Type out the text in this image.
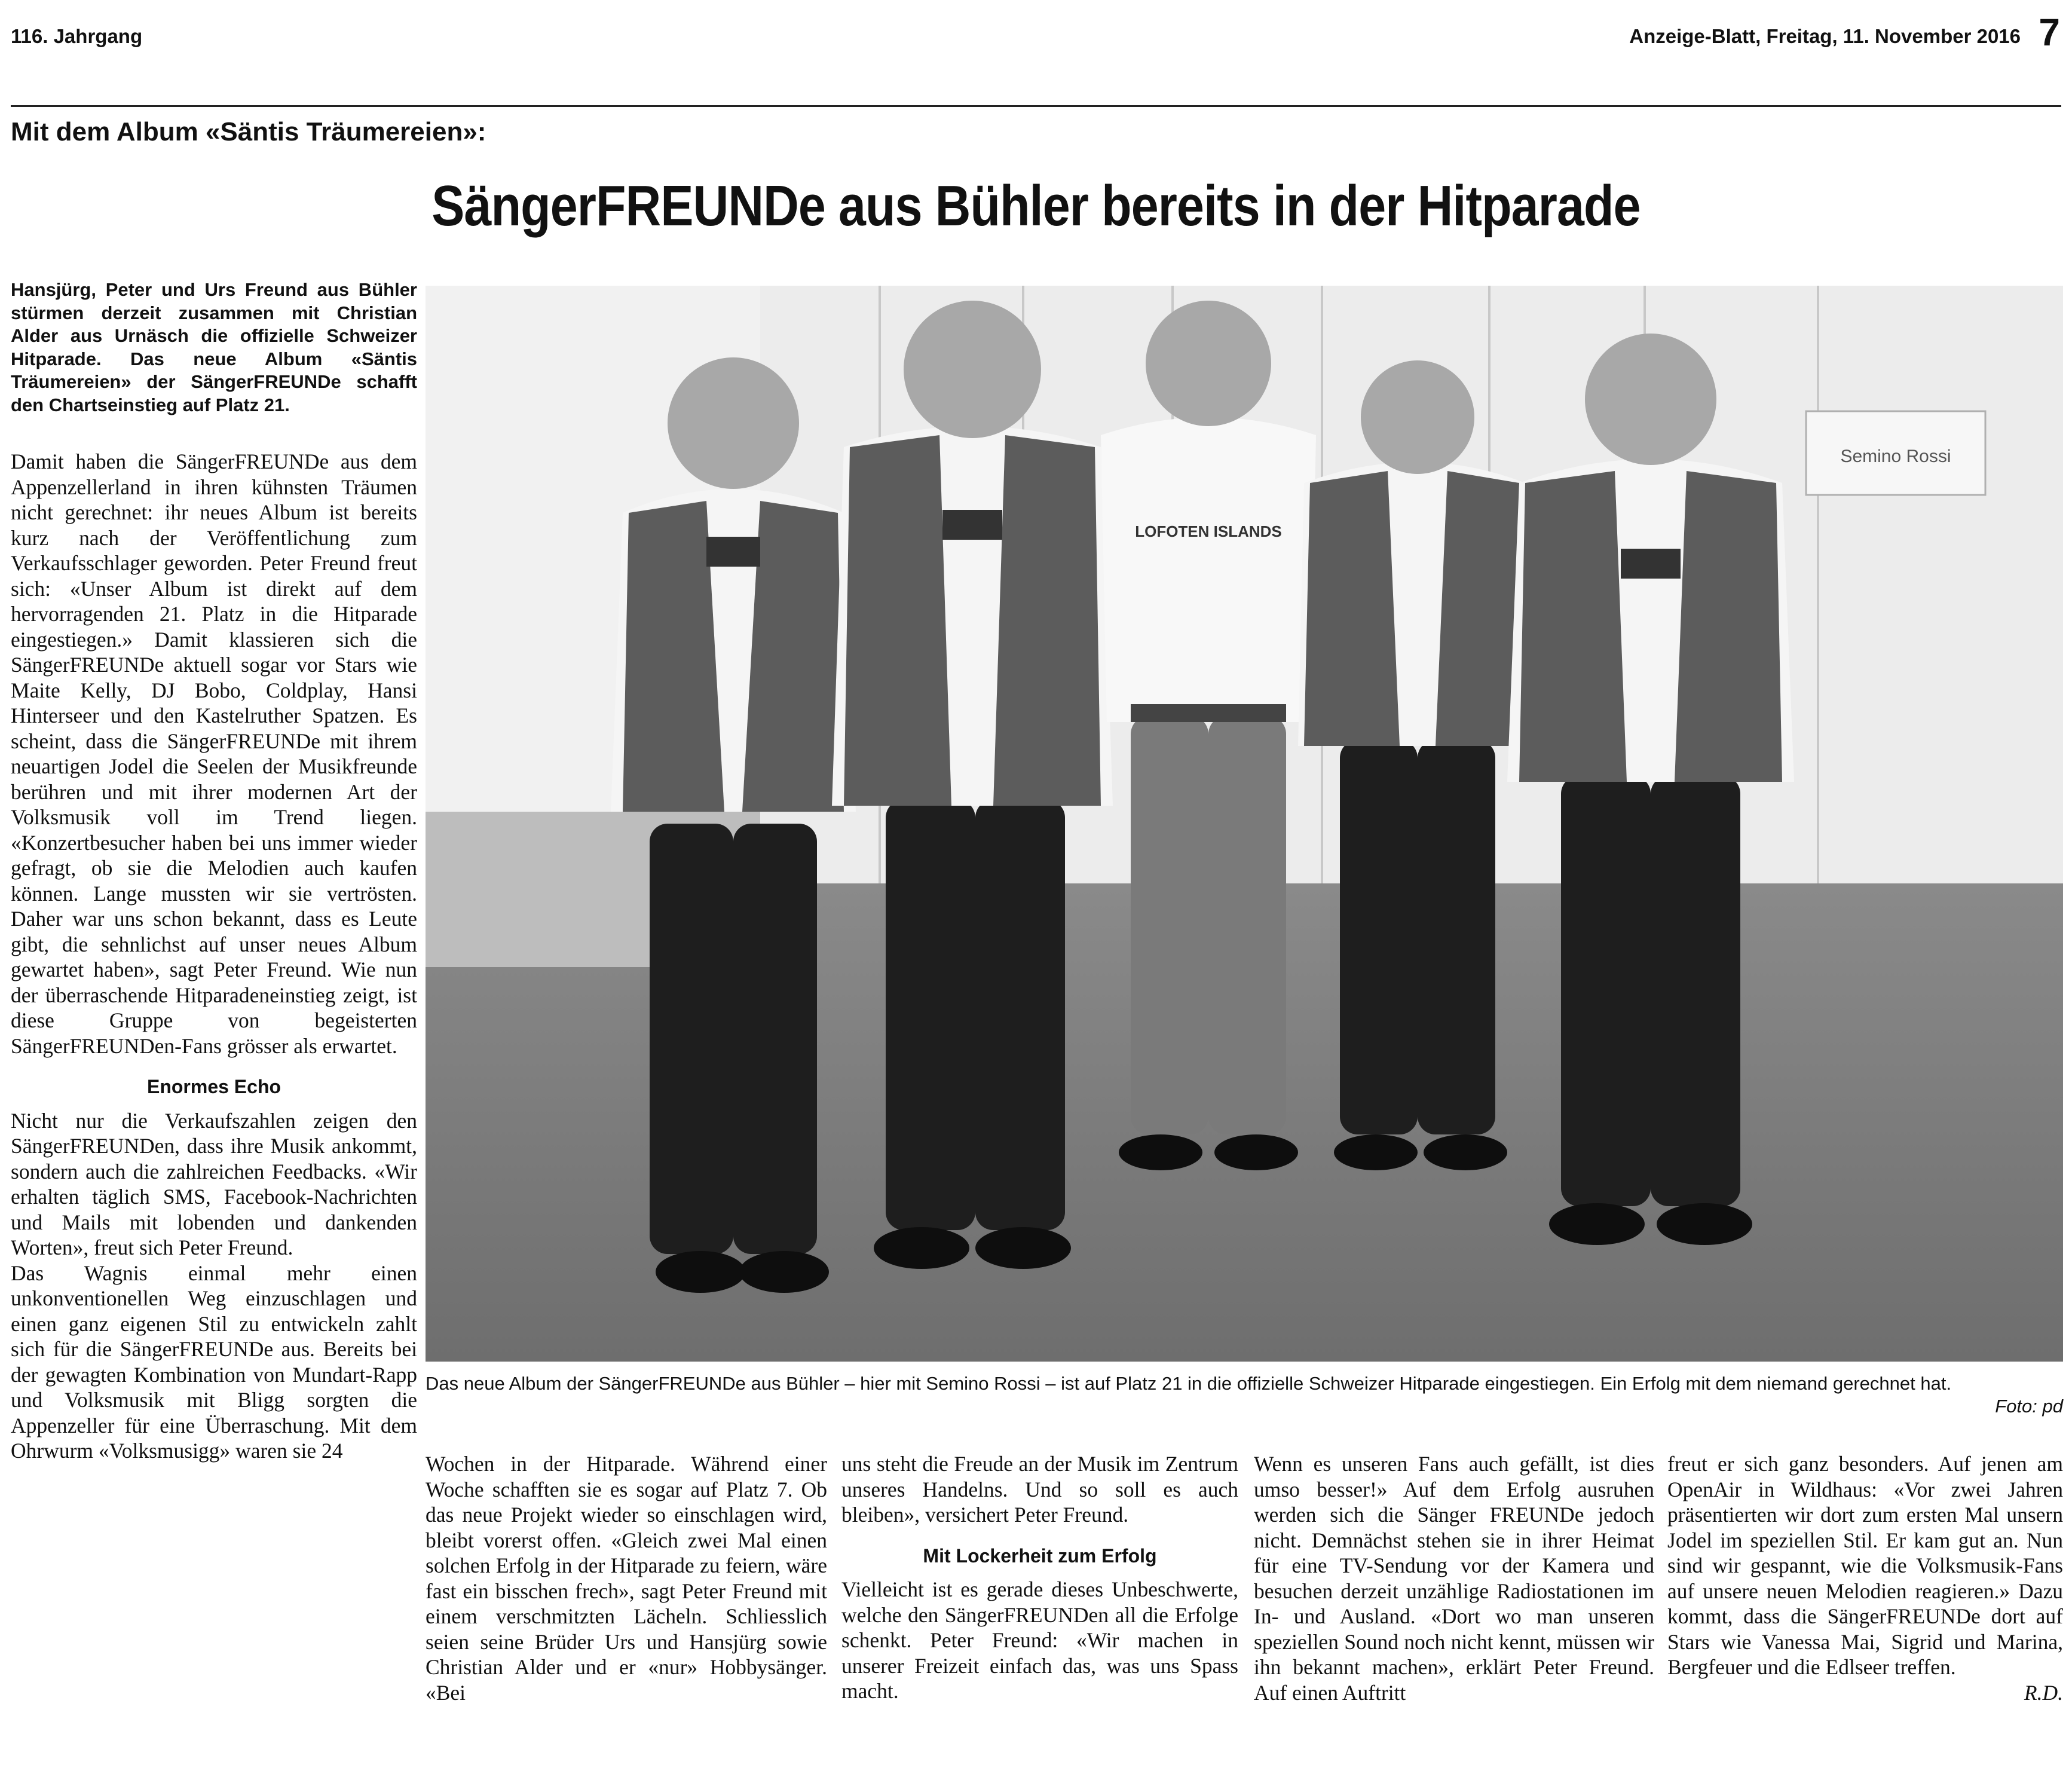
116. Jahrgang	Anzeige-Blatt, Freitag, 11. November 2016 7
Mit dem Album «Säntis Träumereien»:
SängerFREUNDe aus Bühler bereits in der Hitparade

Hansjürg, Peter und Urs Freund aus Bühler stürmen derzeit zusammen mit Christian Alder aus Urnäsch die offizielle Schweizer Hitparade. Das neue Album «Säntis Träumereien» der SängerFREUNDe schafft den Chartseinstieg auf Platz 21.

Damit haben die SängerFREUNDe aus dem Appenzellerland in ihren kühnsten Träumen nicht gerechnet: ihr neues Album ist bereits kurz nach der Veröffentlichung zum Verkaufsschlager geworden. Peter Freund freut sich: «Unser Album ist direkt auf dem hervorragenden 21. Platz in die Hitparade eingestiegen.» Damit klassieren sich die SängerFREUNDe aktuell sogar vor Stars wie Maite Kelly, DJ Bobo, Coldplay, Hansi Hinterseer und den Kastelruther Spatzen. Es scheint, dass die SängerFREUNDe mit ihrem neuartigen Jodel die Seelen der Musikfreunde berühren und mit ihrer modernen Art der Volksmusik voll im Trend liegen. «Konzertbesucher haben bei uns immer wieder gefragt, ob sie die Melodien auch kaufen können. Lange mussten wir sie vertrösten. Daher war uns schon bekannt, dass es Leute gibt, die sehnlichst auf unser neues Album gewartet haben», sagt Peter Freund. Wie nun der überraschende Hitparadeneinstieg zeigt, ist diese Gruppe von begeisterten SängerFREUNDen-Fans grösser als erwartet.

Enormes Echo

Nicht nur die Verkaufszahlen zeigen den SängerFREUNDen, dass ihre Musik ankommt, sondern auch die zahlreichen Feedbacks. «Wir erhalten täglich SMS, Facebook-Nachrichten und Mails mit lobenden und dankenden Worten», freut sich Peter Freund.

Das Wagnis einmal mehr einen unkonventionellen Weg einzuschlagen und einen ganz eigenen Stil zu entwickeln zahlt sich für die SängerFREUNDe aus. Bereits bei der gewagten Kombination von Mundart-Rapp und Volksmusik mit Bligg sorgten die Appenzeller für eine Überraschung. Mit dem Ohrwurm «Volksmusigg» waren sie 24

Semino Rossi
LOFOTEN ISLANDS
Das neue Album der SängerFREUNDe aus Bühler – hier mit Semino Rossi – ist auf Platz 21 in die offizielle Schweizer Hitparade eingestiegen. Ein Erfolg mit dem niemand gerechnet hat.
Foto: pd

Wochen in der Hitparade. Während einer Woche schafften sie es sogar auf Platz 7. Ob das neue Projekt wieder so einschlagen wird, bleibt vorerst offen. «Gleich zwei Mal einen solchen Erfolg in der Hitparade zu feiern, wäre fast ein bisschen frech», sagt Peter Freund mit einem verschmitzten Lächeln. Schliesslich seien seine Brüder Urs und Hansjürg sowie Christian Alder und er «nur» Hobbysänger. «Bei

uns steht die Freude an der Musik im Zentrum unseres Handelns. Und so soll es auch bleiben», versichert Peter Freund.

Mit Lockerheit zum Erfolg

Vielleicht ist es gerade dieses Unbeschwerte, welche den SängerFREUNDen all die Erfolge schenkt. Peter Freund: «Wir machen in unserer Freizeit einfach das, was uns Spass macht.

Wenn es unseren Fans auch gefällt, ist dies umso besser!» Auf dem Erfolg ausruhen werden sich die Sänger FREUNDe jedoch nicht. Demnächst stehen sie in ihrer Heimat für eine TV-Sendung vor der Kamera und besuchen derzeit unzählige Radiostationen im In- und Ausland. «Dort wo man unseren speziellen Sound noch nicht kennt, müssen wir ihn bekannt machen», erklärt Peter Freund. Auf einen Auftritt

freut er sich ganz besonders. Auf jenen am OpenAir in Wildhaus: «Vor zwei Jahren präsentierten wir dort zum ersten Mal unsern Jodel im speziellen Stil. Er kam gut an. Nun sind wir gespannt, wie die Volksmusik-Fans auf unsere neuen Melodien reagieren.» Dazu kommt, dass die SängerFREUNDe dort auf Stars wie Vanessa Mai, Sigrid und Marina, Bergfeuer und die Edlseer treffen.

R.D.
